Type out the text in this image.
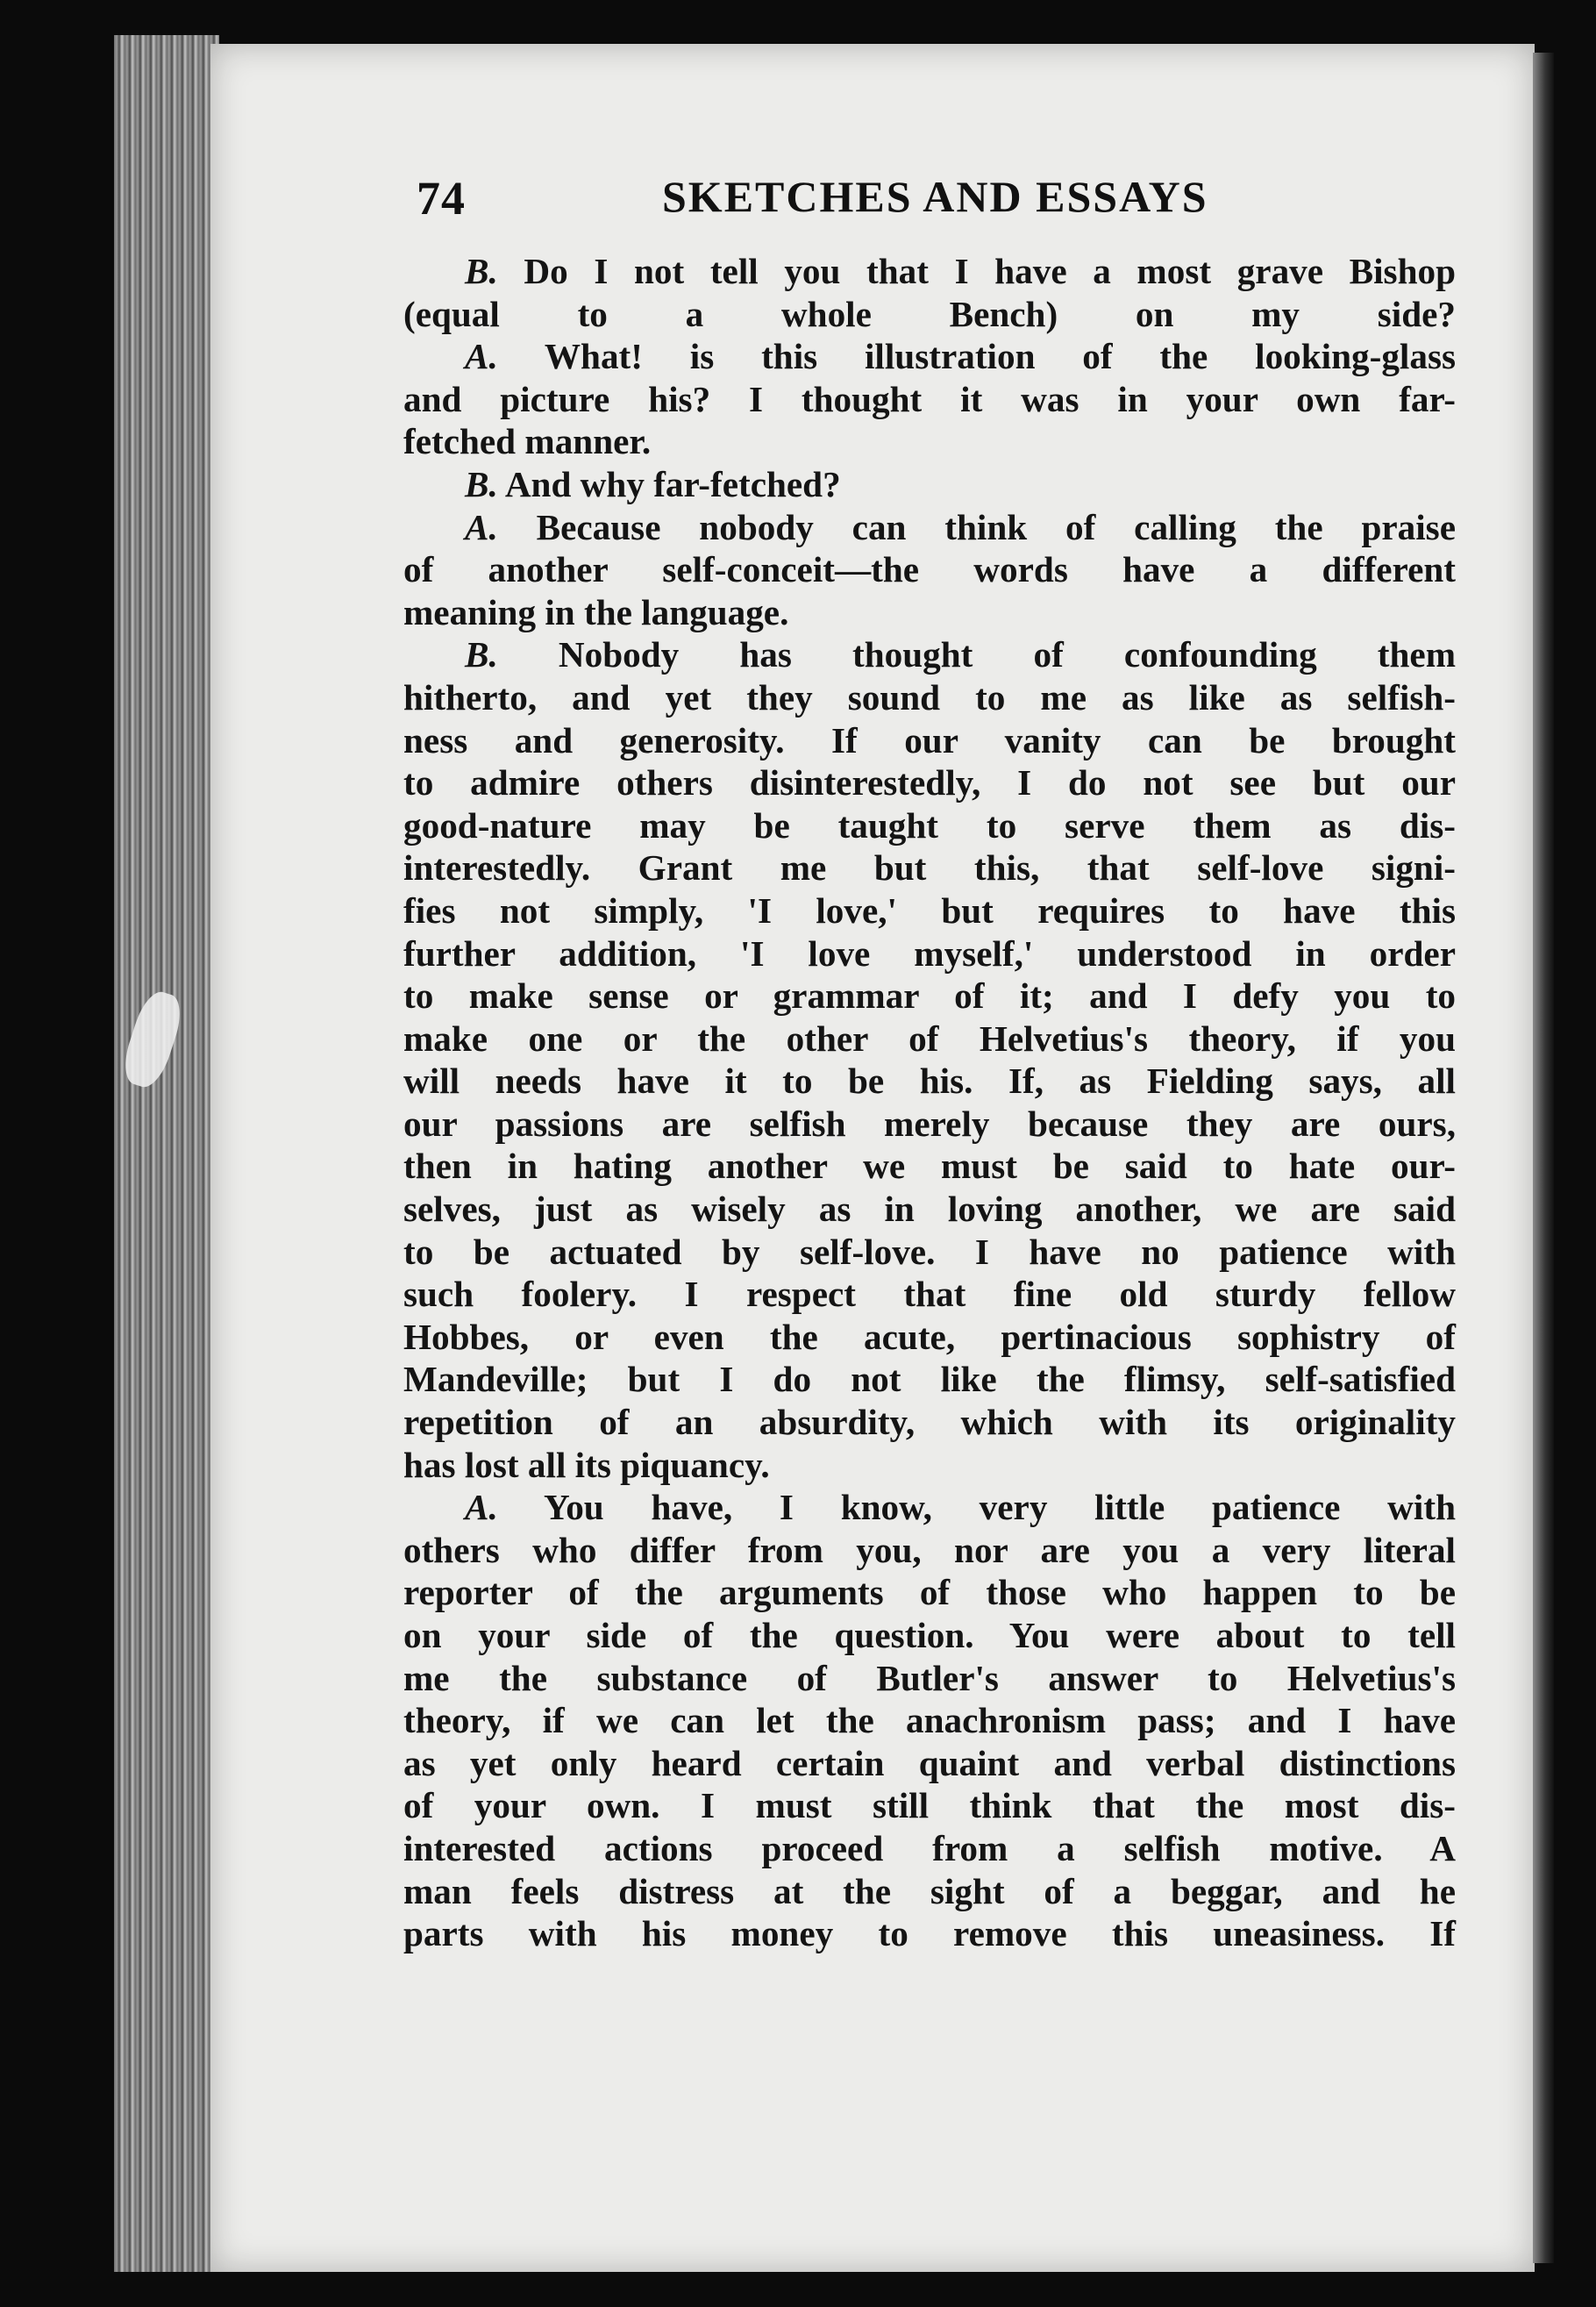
74	SKETCHES AND ESSAYS
B. Do I not tell you that I have a most grave Bishop
(equal to a whole Bench) on my side?
A. What! is this illustration of the looking-glass
and picture his? I thought it was in your own far-
fetched manner.
B. And why far-fetched?
A. Because nobody can think of calling the praise
of another self-conceit—the words have a different
meaning in the language.
B. Nobody has thought of confounding them
hitherto, and yet they sound to me as like as selfish-
ness and generosity. If our vanity can be brought
to admire others disinterestedly, I do not see but our
good-nature may be taught to serve them as dis-
interestedly. Grant me but this, that self-love signi-
fies not simply, 'I love,' but requires to have this
further addition, 'I love myself,' understood in order
to make sense or grammar of it; and I defy you to
make one or the other of Helvetius's theory, if you
will needs have it to be his. If, as Fielding says, all
our passions are selfish merely because they are ours,
then in hating another we must be said to hate our-
selves, just as wisely as in loving another, we are said
to be actuated by self-love. I have no patience with
such foolery. I respect that fine old sturdy fellow
Hobbes, or even the acute, pertinacious sophistry of
Mandeville; but I do not like the flimsy, self-satisfied
repetition of an absurdity, which with its originality
has lost all its piquancy.
A. You have, I know, very little patience with
others who differ from you, nor are you a very literal
reporter of the arguments of those who happen to be
on your side of the question. You were about to tell
me the substance of Butler's answer to Helvetius's
theory, if we can let the anachronism pass; and I have
as yet only heard certain quaint and verbal distinctions
of your own. I must still think that the most dis-
interested actions proceed from a selfish motive. A
man feels distress at the sight of a beggar, and he
parts with his money to remove this uneasiness. If
